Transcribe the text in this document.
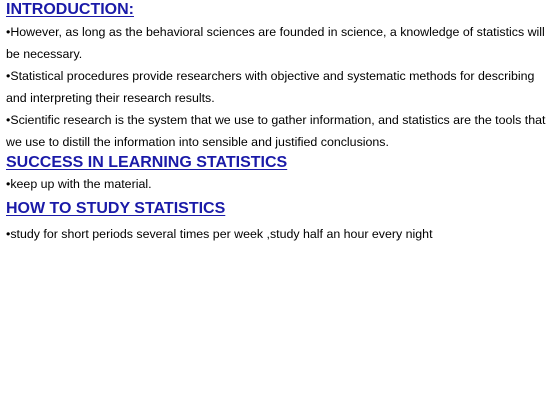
INTRODUCTION:

•However, as long as the behavioral sciences are founded in science, a knowledge of statistics will

be necessary.

•Statistical procedures provide researchers with objective and systematic methods for describing

and interpreting their research results.

•Scientific research is the system that we use to gather information, and statistics are the tools that

we use to distill the information into sensible and justified conclusions.

SUCCESS IN LEARNING STATISTICS

•keep up with the material.

HOW TO STUDY STATISTICS

•study for short periods several times per week ,study half an hour every night
